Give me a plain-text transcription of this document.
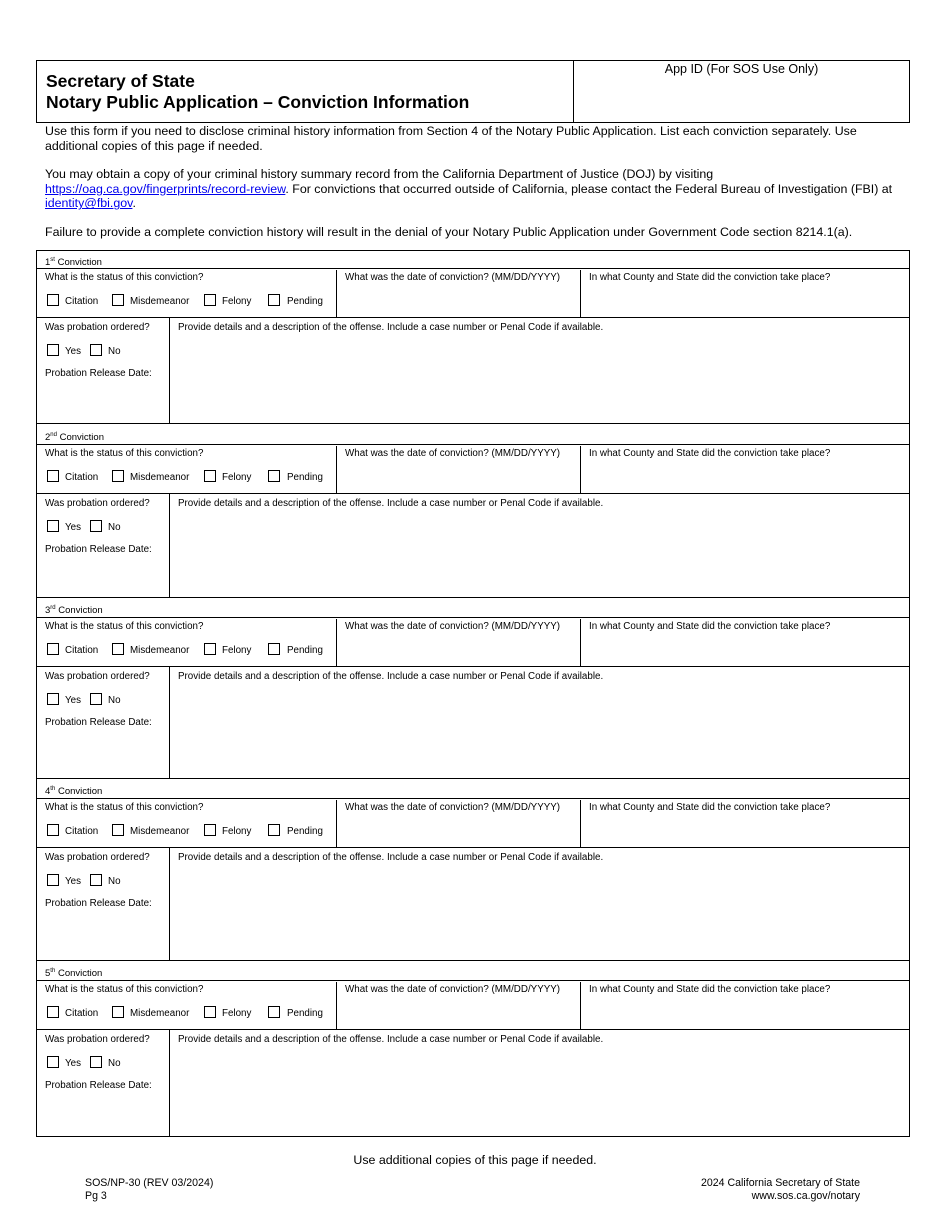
Secretary of State
Notary Public Application – Conviction Information
App ID (For SOS Use Only)

Use this form if you need to disclose criminal history information from Section 4 of the Notary Public Application. List each conviction separately. Use additional copies of this page if needed.

You may obtain a copy of your criminal history summary record from the California Department of Justice (DOJ) by visiting
https://oag.ca.gov/fingerprints/record-review. For convictions that occurred outside of California, please contact the Federal Bureau of Investigation (FBI) at
identity@fbi.gov.

Failure to provide a complete conviction history will result in the denial of your Notary Public Application under Government Code section 8214.1(a).

1st Conviction
What is the status of this conviction?
Citation	Misdemeanor	Felony	Pending
What was the date of conviction? (MM/DD/YYYY)	In what County and State did the conviction take place?
Was probation ordered?
Yes	No
Probation Release Date:
Provide details and a description of the offense. Include a case number or Penal Code if available.
2nd Conviction
What is the status of this conviction?
Citation	Misdemeanor	Felony	Pending
What was the date of conviction? (MM/DD/YYYY)	In what County and State did the conviction take place?
Was probation ordered?
Yes	No
Probation Release Date:
Provide details and a description of the offense. Include a case number or Penal Code if available.
3rd Conviction
What is the status of this conviction?
Citation	Misdemeanor	Felony	Pending
What was the date of conviction? (MM/DD/YYYY)	In what County and State did the conviction take place?
Was probation ordered?
Yes	No
Probation Release Date:
Provide details and a description of the offense. Include a case number or Penal Code if available.
4th Conviction
What is the status of this conviction?
Citation	Misdemeanor	Felony	Pending
What was the date of conviction? (MM/DD/YYYY)	In what County and State did the conviction take place?
Was probation ordered?
Yes	No
Probation Release Date:
Provide details and a description of the offense. Include a case number or Penal Code if available.
5th Conviction
What is the status of this conviction?
Citation	Misdemeanor	Felony	Pending
What was the date of conviction? (MM/DD/YYYY)	In what County and State did the conviction take place?
Was probation ordered?
Yes	No
Probation Release Date:
Provide details and a description of the offense. Include a case number or Penal Code if available.
Use additional copies of this page if needed.
SOS/NP-30 (REV 03/2024)
Pg 3
2024 California Secretary of State
www.sos.ca.gov/notary
